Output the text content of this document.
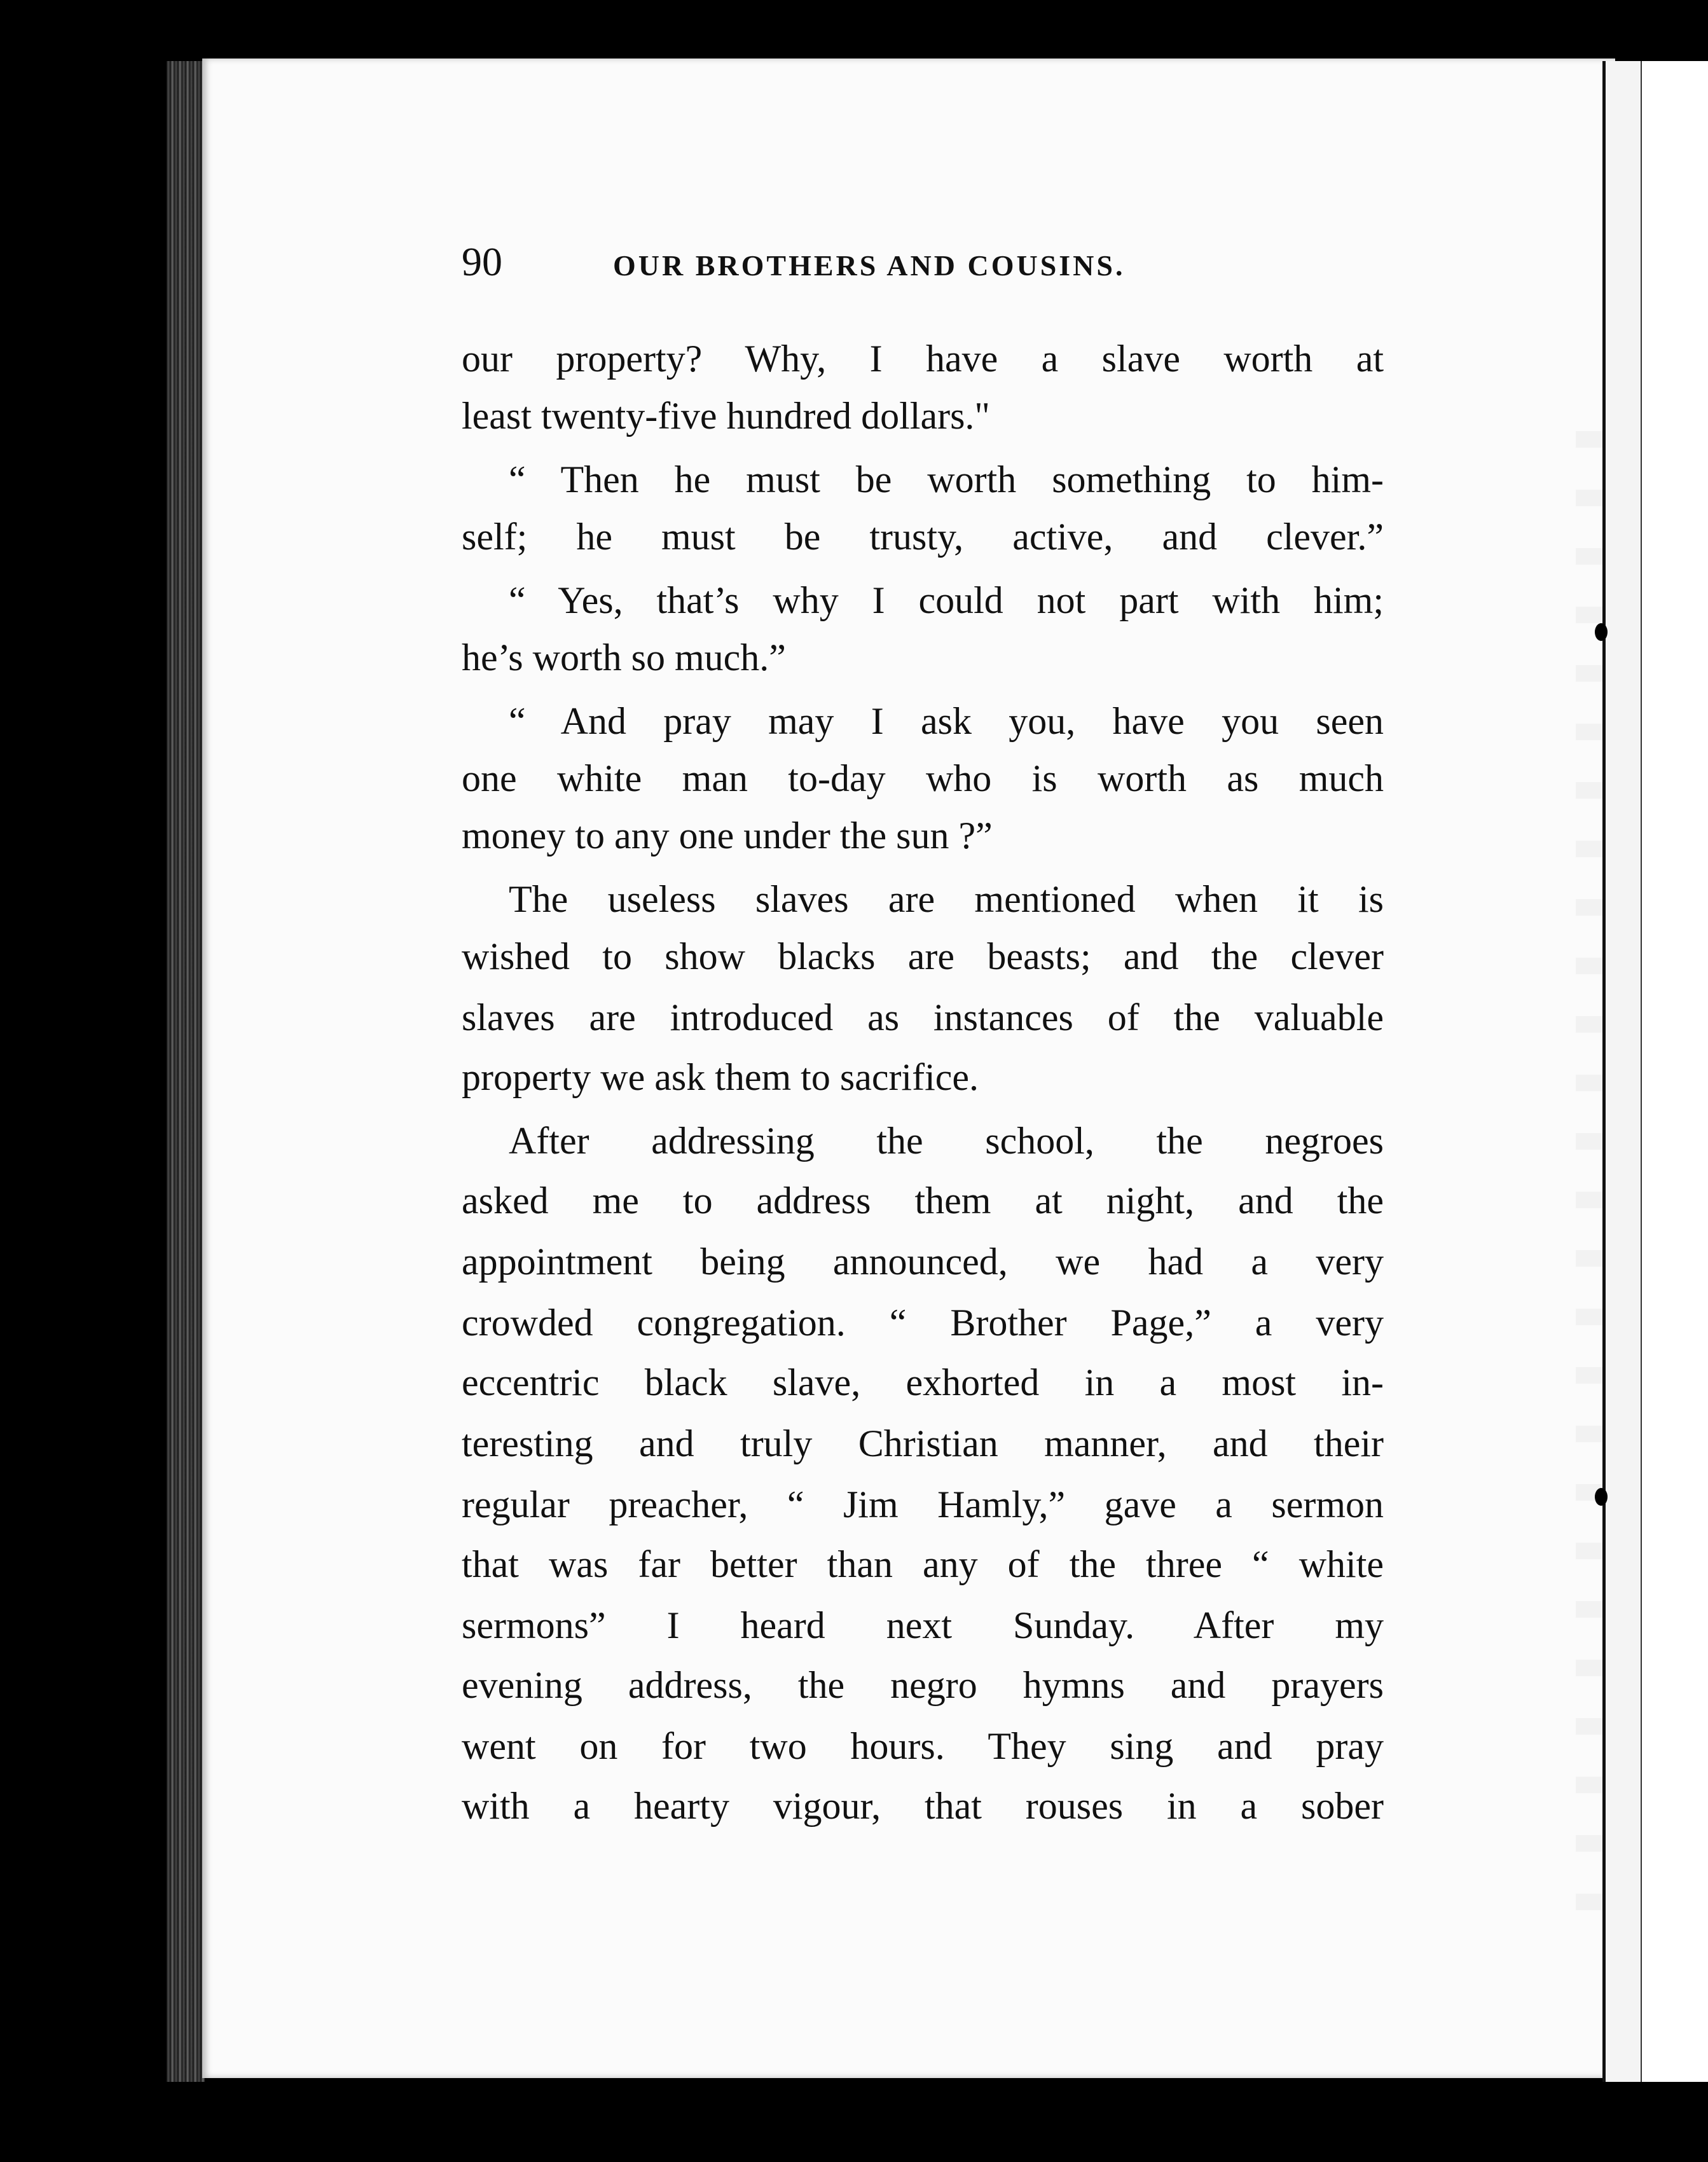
90	OUR BROTHERS AND COUSINS.
our property? Why, I have a slave worth at
least twenty-five hundred dollars."
“ Then he must be worth something to him-
self; he must be trusty, active, and clever.”
“ Yes, that’s why I could not part with him;
he’s worth so much.”
“ And pray may I ask you, have you seen
one white man to-day who is worth as much
money to any one under the sun ?”
The useless slaves are mentioned when it is
wished to show blacks are beasts; and the clever
slaves are introduced as instances of the valuable
property we ask them to sacrifice.
After addressing the school, the negroes
asked me to address them at night, and the
appointment being announced, we had a very
crowded congregation. “ Brother Page,” a very
eccentric black slave, exhorted in a most in-
teresting and truly Christian manner, and their
regular preacher, “ Jim Hamly,” gave a sermon
that was far better than any of the three “ white
sermons” I heard next Sunday. After my
evening address, the negro hymns and prayers
went on for two hours. They sing and pray
with a hearty vigour, that rouses in a sober
